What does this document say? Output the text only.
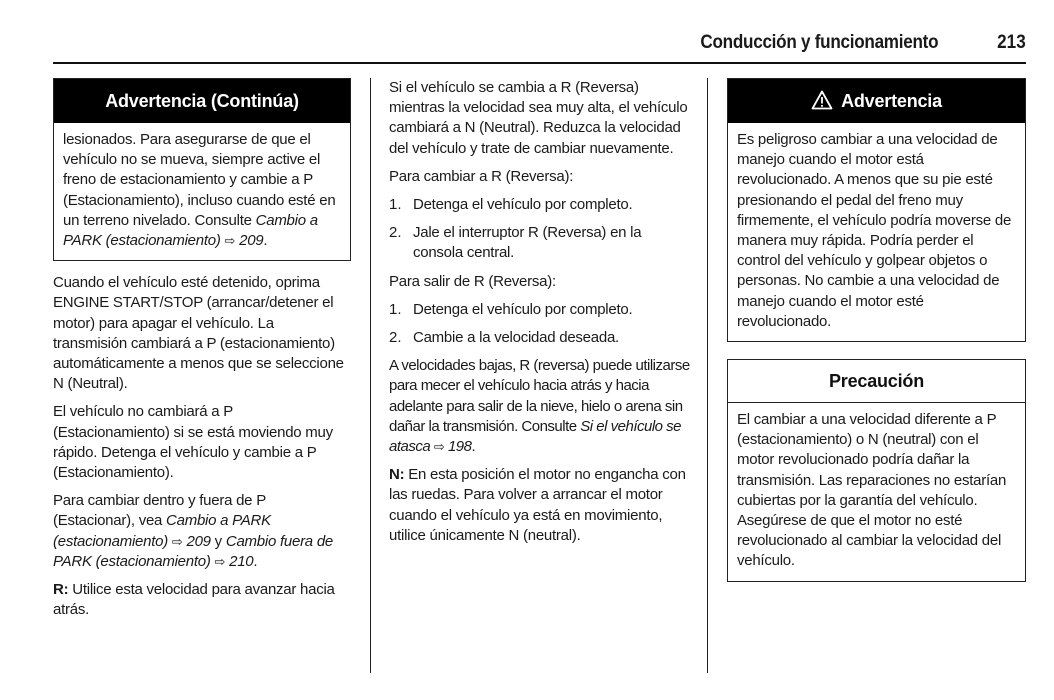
Conducción y funcionamiento	213
Advertencia (Continúa)
lesionados. Para asegurarse de que el vehículo no se mueva, siempre active el freno de estacionamiento y cambie a P (Estacionamiento), incluso cuando esté en un terreno nivelado. Consulte Cambio a PARK (estacionamiento) ⇨ 209.

Cuando el vehículo esté detenido, oprima ENGINE START/STOP (arrancar/detener el motor) para apagar el vehículo. La transmisión cambiará a P (estacionamiento) automáticamente a menos que se seleccione N (Neutral).

El vehículo no cambiará a P (Estacionamiento) si se está moviendo muy rápido. Detenga el vehículo y cambie a P (Estacionamiento).

Para cambiar dentro y fuera de P (Estacionar), vea Cambio a PARK (estacionamiento) ⇨ 209 y Cambio fuera de PARK (estacionamiento) ⇨ 210.

R: Utilice esta velocidad para avanzar hacia atrás.

Si el vehículo se cambia a R (Reversa) mientras la velocidad sea muy alta, el vehículo cambiará a N (Neutral). Reduzca la velocidad del vehículo y trate de cambiar nuevamente.

Para cambiar a R (Reversa):

1. Detenga el vehículo por completo.
2. Jale el interruptor R (Reversa) en la consola central.

Para salir de R (Reversa):

1. Detenga el vehículo por completo.
2. Cambie a la velocidad deseada.

A velocidades bajas, R (reversa) puede utilizarse para mecer el vehículo hacia atrás y hacia adelante para salir de la nieve, hielo o arena sin dañar la transmisión. Consulte Si el vehículo se atasca ⇨ 198.

N: En esta posición el motor no engancha con las ruedas. Para volver a arrancar el motor cuando el vehículo ya está en movimiento, utilice únicamente N (neutral).

Advertencia
Es peligroso cambiar a una velocidad de manejo cuando el motor está revolucionado. A menos que su pie esté presionando el pedal del freno muy firmemente, el vehículo podría moverse de manera muy rápida. Podría perder el control del vehículo y golpear objetos o personas. No cambie a una velocidad de manejo cuando el motor esté revolucionado.
Precaución
El cambiar a una velocidad diferente a P (estacionamiento) o N (neutral) con el motor revolucionado podría dañar la transmisión. Las reparaciones no estarían cubiertas por la garantía del vehículo. Asegúrese de que el motor no esté revolucionado al cambiar la velocidad del vehículo.
